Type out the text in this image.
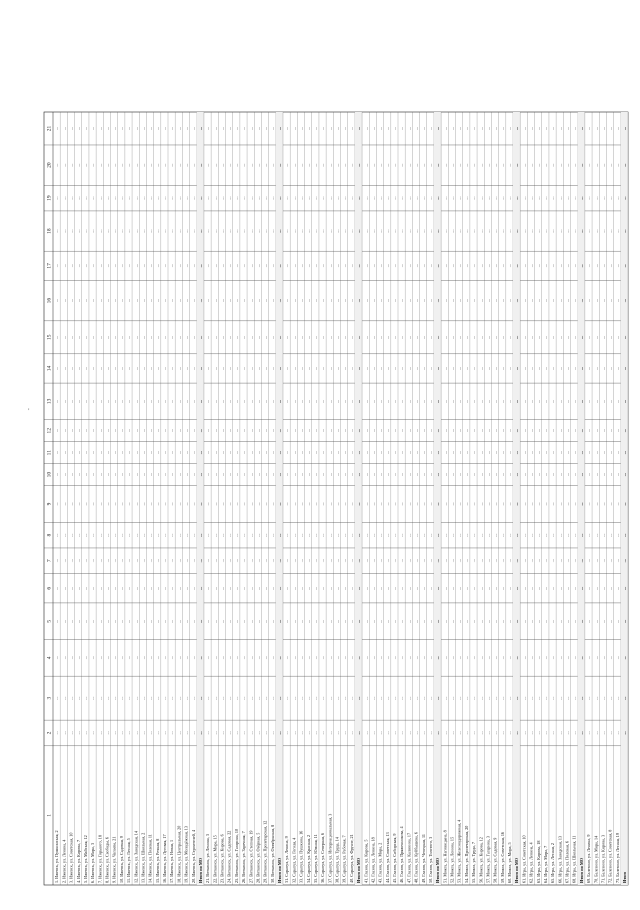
1
2
3
4
5
6
7
8
9
10
11
12
13
14
15
16
17
18
19
20
21
1. Ижевск, ул. Пушкинская, 2
...
...
...
...
...
...
...
...
...
...
...
...
...
...
...
...
...
...
...
...
2. Ижевск, ул. Ленина, 4
...
...
...
...
...
...
...
...
...
...
...
...
...
...
...
...
...
...
...
...
3. Ижевск, ул. Советская, 10
...
...
...
...
...
...
...
...
...
...
...
...
...
...
...
...
...
...
...
...
4. Ижевск, ул. Кирова, 7
...
...
...
...
...
...
...
...
...
...
...
...
...
...
...
...
...
...
...
...
5. Ижевск, ул. Майская, 12
...
...
...
...
...
...
...
...
...
...
...
...
...
...
...
...
...
...
...
...
6. Ижевск, ул. Мира, 3
...
...
...
...
...
...
...
...
...
...
...
...
...
...
...
...
...
...
...
...
7. Ижевск, ул. Горького, 18
...
...
...
...
...
...
...
...
...
...
...
...
...
...
...
...
...
...
...
...
8. Ижевск, ул. Свободы, 6
...
...
...
...
...
...
...
...
...
...
...
...
...
...
...
...
...
...
...
...
9. Ижевск, ул. Чапаева, 21
...
...
...
...
...
...
...
...
...
...
...
...
...
...
...
...
...
...
...
...
10. Ижевск, ул. Садовая, 9
...
...
...
...
...
...
...
...
...
...
...
...
...
...
...
...
...
...
...
...
11. Ижевск, ул. Лесная, 5
...
...
...
...
...
...
...
...
...
...
...
...
...
...
...
...
...
...
...
...
12. Ижевск, ул. Заводская, 14
...
...
...
...
...
...
...
...
...
...
...
...
...
...
...
...
...
...
...
...
13. Ижевск, ул. Школьная, 2
...
...
...
...
...
...
...
...
...
...
...
...
...
...
...
...
...
...
...
...
14. Ижевск, ул. Полевая, 11
...
...
...
...
...
...
...
...
...
...
...
...
...
...
...
...
...
...
...
...
15. Ижевск, ул. Речная, 8
...
...
...
...
...
...
...
...
...
...
...
...
...
...
...
...
...
...
...
...
16. Ижевск, ул. Луговая, 17
...
...
...
...
...
...
...
...
...
...
...
...
...
...
...
...
...
...
...
...
17. Ижевск, ул. Новая, 1
...
...
...
...
...
...
...
...
...
...
...
...
...
...
...
...
...
...
...
...
18. Ижевск, ул. Центральная, 20
...
...
...
...
...
...
...
...
...
...
...
...
...
...
...
...
...
...
...
...
19. Ижевск, ул. Молодёжная, 13
...
...
...
...
...
...
...
...
...
...
...
...
...
...
...
...
...
...
...
...
20. Ижевск, ул. Строителей, 4
...
...
...
...
...
...
...
...
...
...
...
...
...
...
...
...
...
...
...
...
Итого по МО
...
...
...
...
...
...
...
...
...
...
...
...
...
...
...
...
...
...
...
...
21. Воткинск, ул. Ленина, 3
...
...
...
...
...
...
...
...
...
...
...
...
...
...
...
...
...
...
...
...
22. Воткинск, ул. Мира, 15
...
...
...
...
...
...
...
...
...
...
...
...
...
...
...
...
...
...
...
...
23. Воткинск, ул. Кирова, 6
...
...
...
...
...
...
...
...
...
...
...
...
...
...
...
...
...
...
...
...
24. Воткинск, ул. Садовая, 22
...
...
...
...
...
...
...
...
...
...
...
...
...
...
...
...
...
...
...
...
25. Воткинск, ул. Гагарина, 10
...
...
...
...
...
...
...
...
...
...
...
...
...
...
...
...
...
...
...
...
26. Воткинск, ул. Заречная, 7
...
...
...
...
...
...
...
...
...
...
...
...
...
...
...
...
...
...
...
...
27. Воткинск, ул. Степная, 19
...
...
...
...
...
...
...
...
...
...
...
...
...
...
...
...
...
...
...
...
28. Воткинск, ул. Озёрная, 5
...
...
...
...
...
...
...
...
...
...
...
...
...
...
...
...
...
...
...
...
29. Воткинск, ул. Пролетарская, 12
...
...
...
...
...
...
...
...
...
...
...
...
...
...
...
...
...
...
...
...
30. Воткинск, ул. Октябрьская, 8
...
...
...
...
...
...
...
...
...
...
...
...
...
...
...
...
...
...
...
...
Итого по МО
...
...
...
...
...
...
...
...
...
...
...
...
...
...
...
...
...
...
...
...
31. Сарапул, ул. Ленина, 9
...
...
...
...
...
...
...
...
...
...
...
...
...
...
...
...
...
...
...
...
32. Сарапул, ул. Гоголя, 4
...
...
...
...
...
...
...
...
...
...
...
...
...
...
...
...
...
...
...
...
33. Сарапул, ул. Пушкина, 16
...
...
...
...
...
...
...
...
...
...
...
...
...
...
...
...
...
...
...
...
34. Сарапул, ул. Красная, 2
...
...
...
...
...
...
...
...
...
...
...
...
...
...
...
...
...
...
...
...
35. Сарапул, ул. Южная, 11
...
...
...
...
...
...
...
...
...
...
...
...
...
...
...
...
...
...
...
...
36. Сарапул, ул. Северная, 6
...
...
...
...
...
...
...
...
...
...
...
...
...
...
...
...
...
...
...
...
37. Сарапул, ул. Интернациональная, 3
...
...
...
...
...
...
...
...
...
...
...
...
...
...
...
...
...
...
...
...
38. Сарапул, ул. Труда, 14
...
...
...
...
...
...
...
...
...
...
...
...
...
...
...
...
...
...
...
...
39. Сарапул, ул. Рабочая, 7
...
...
...
...
...
...
...
...
...
...
...
...
...
...
...
...
...
...
...
...
40. Сарапул, ул. Фрунзе, 21
...
...
...
...
...
...
...
...
...
...
...
...
...
...
...
...
...
...
...
...
Итого по МО
...
...
...
...
...
...
...
...
...
...
...
...
...
...
...
...
...
...
...
...
41. Глазов, ул. Кирова, 5
...
...
...
...
...
...
...
...
...
...
...
...
...
...
...
...
...
...
...
...
42. Глазов, ул. Ленина, 18
...
...
...
...
...
...
...
...
...
...
...
...
...
...
...
...
...
...
...
...
43. Глазов, ул. Мира, 2
...
...
...
...
...
...
...
...
...
...
...
...
...
...
...
...
...
...
...
...
44. Глазов, ул. Советская, 13
...
...
...
...
...
...
...
...
...
...
...
...
...
...
...
...
...
...
...
...
45. Глазов, ул. Сибирская, 9
...
...
...
...
...
...
...
...
...
...
...
...
...
...
...
...
...
...
...
...
46. Глазов, ул. Пряженникова, 4
...
...
...
...
...
...
...
...
...
...
...
...
...
...
...
...
...
...
...
...
47. Глазов, ул. Калинина, 17
...
...
...
...
...
...
...
...
...
...
...
...
...
...
...
...
...
...
...
...
48. Глазов, ул. Куйбышева, 6
...
...
...
...
...
...
...
...
...
...
...
...
...
...
...
...
...
...
...
...
49. Глазов, ул. Чепецкая, 11
...
...
...
...
...
...
...
...
...
...
...
...
...
...
...
...
...
...
...
...
50. Глазов, ул. Толстого, 3
...
...
...
...
...
...
...
...
...
...
...
...
...
...
...
...
...
...
...
...
Итого по МО
...
...
...
...
...
...
...
...
...
...
...
...
...
...
...
...
...
...
...
...
51. Можга, ул. Наговицына, 8
...
...
...
...
...
...
...
...
...
...
...
...
...
...
...
...
...
...
...
...
52. Можга, ул. Ленина, 15
...
...
...
...
...
...
...
...
...
...
...
...
...
...
...
...
...
...
...
...
53. Можга, ул. Железнодорожная, 4
...
...
...
...
...
...
...
...
...
...
...
...
...
...
...
...
...
...
...
...
54. Можга, ул. Пролетарская, 20
...
...
...
...
...
...
...
...
...
...
...
...
...
...
...
...
...
...
...
...
55. Можга, ул. Труда, 7
...
...
...
...
...
...
...
...
...
...
...
...
...
...
...
...
...
...
...
...
56. Можга, ул. Кирова, 12
...
...
...
...
...
...
...
...
...
...
...
...
...
...
...
...
...
...
...
...
57. Можга, ул. Гагарина, 3
...
...
...
...
...
...
...
...
...
...
...
...
...
...
...
...
...
...
...
...
58. Можга, ул. Садовая, 9
...
...
...
...
...
...
...
...
...
...
...
...
...
...
...
...
...
...
...
...
59. Можга, ул. Советская, 16
...
...
...
...
...
...
...
...
...
...
...
...
...
...
...
...
...
...
...
...
60. Можга, ул. Мира, 5
...
...
...
...
...
...
...
...
...
...
...
...
...
...
...
...
...
...
...
...
Итого по МО
...
...
...
...
...
...
...
...
...
...
...
...
...
...
...
...
...
...
...
...
61. Игра, ул. Советская, 10
...
...
...
...
...
...
...
...
...
...
...
...
...
...
...
...
...
...
...
...
62. Игра, ул. Ленина, 4
...
...
...
...
...
...
...
...
...
...
...
...
...
...
...
...
...
...
...
...
63. Игра, ул. Кирова, 18
...
...
...
...
...
...
...
...
...
...
...
...
...
...
...
...
...
...
...
...
64. Игра, ул. Мира, 7
...
...
...
...
...
...
...
...
...
...
...
...
...
...
...
...
...
...
...
...
65. Игра, ул. Лесная, 2
...
...
...
...
...
...
...
...
...
...
...
...
...
...
...
...
...
...
...
...
66. Игра, ул. Заводская, 13
...
...
...
...
...
...
...
...
...
...
...
...
...
...
...
...
...
...
...
...
67. Игра, ул. Полевая, 6
...
...
...
...
...
...
...
...
...
...
...
...
...
...
...
...
...
...
...
...
68. Игра, ул. Школьная, 11
...
...
...
...
...
...
...
...
...
...
...
...
...
...
...
...
...
...
...
...
Итого по МО
...
...
...
...
...
...
...
...
...
...
...
...
...
...
...
...
...
...
...
...
69. Балезино, ул. Ленина, 9
...
...
...
...
...
...
...
...
...
...
...
...
...
...
...
...
...
...
...
...
70. Балезино, ул. Мира, 14
...
...
...
...
...
...
...
...
...
...
...
...
...
...
...
...
...
...
...
...
71. Балезино, ул. Кирова, 3
...
...
...
...
...
...
...
...
...
...
...
...
...
...
...
...
...
...
...
...
72. Балезино, ул. Советская, 8
...
...
...
...
...
...
...
...
...
...
...
...
...
...
...
...
...
...
...
...
73. Балезино, ул. Лесная, 19
...
...
...
...
...
...
...
...
...
...
...
...
...
...
...
...
...
...
...
...
Итого
...
...
...
...
...
...
...
...
...
...
...
...
...
...
...
...
...
...
...
...
,
